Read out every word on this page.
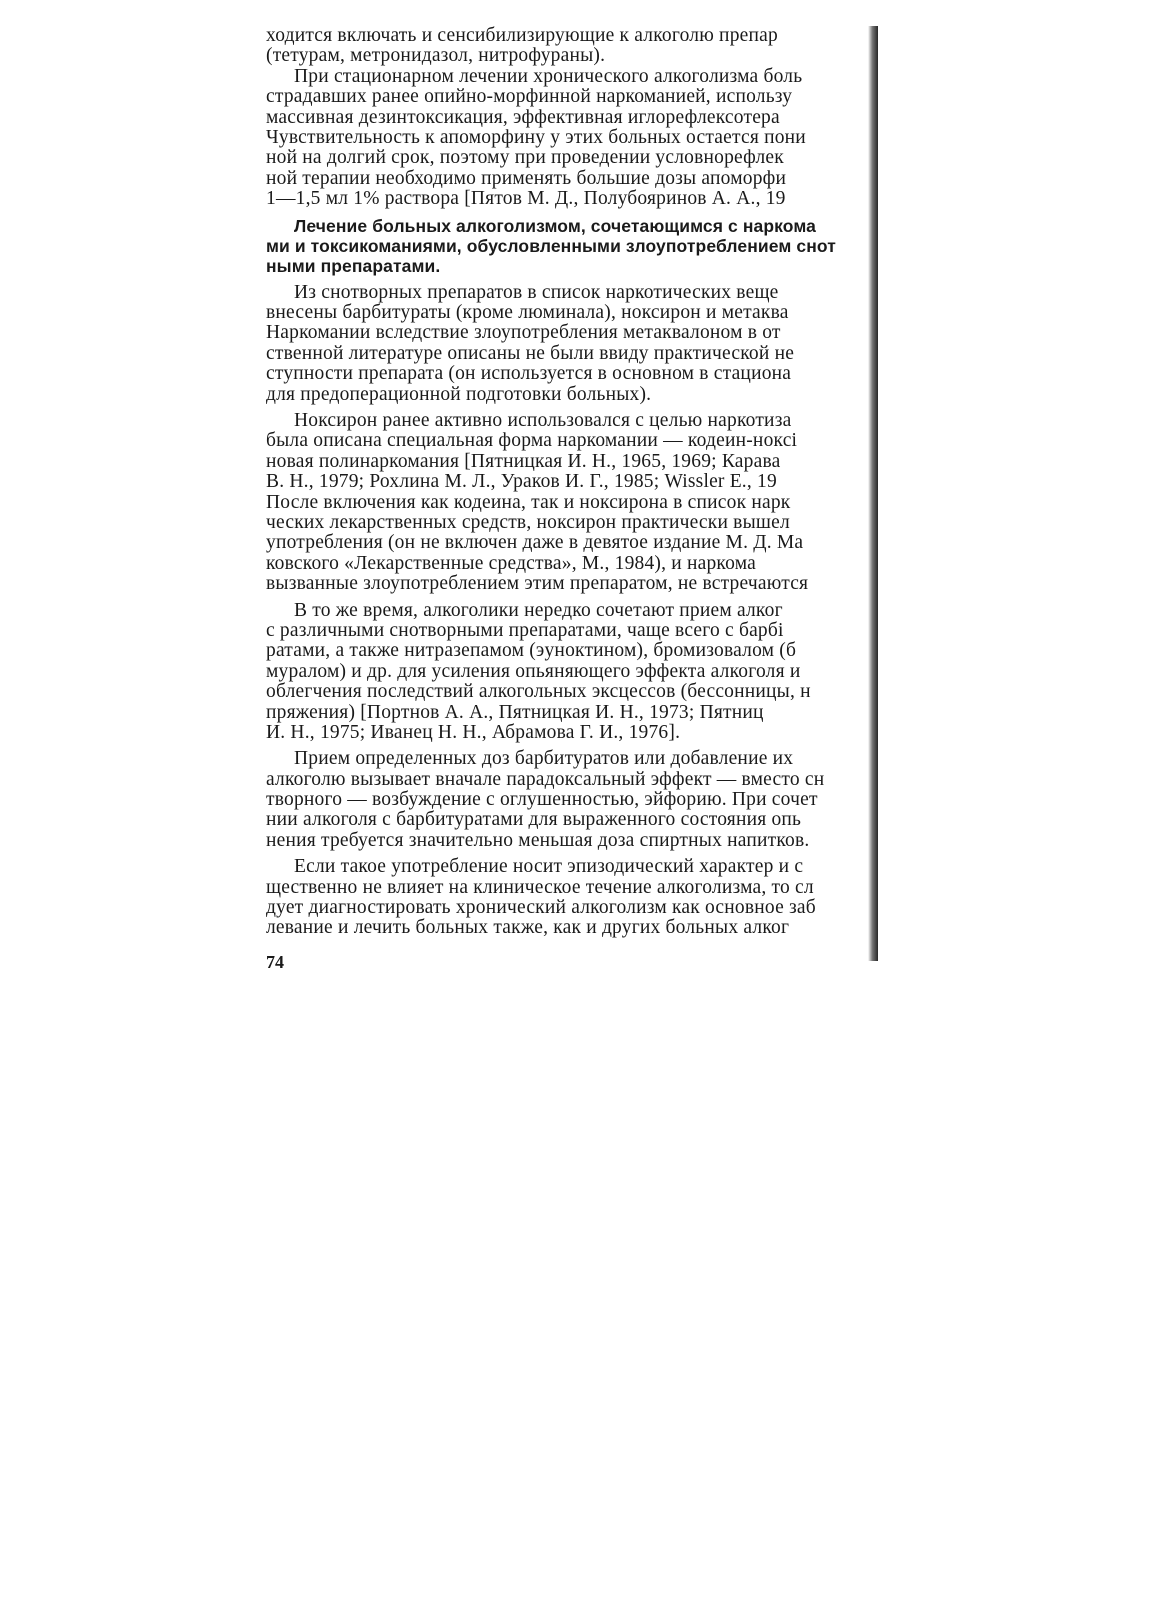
ходится включать и сенсибилизирующие к алкоголю препар
(тетурам, метронидазол, нитрофураны).
При стационарном лечении хронического алкоголизма боль
страдавших ранее опийно-морфинной наркоманией, использу
массивная дезинтоксикация, эффективная иглорефлексотера
Чувствительность к апоморфину у этих больных остается пони
ной на долгий срок, поэтому при проведении условнорефлек
ной терапии необходимо применять большие дозы апоморфи
1—1,5 мл 1% раствора [Пятов М. Д., Полубояринов А. А., 19
Лечение больных алкоголизмом, сочетающимся с наркома
ми и токсикоманиями, обусловленными злоупотреблением снот
ными препаратами.
Из снотворных препаратов в список наркотических веще
внесены барбитураты (кроме люминала), ноксирон и метаква
Наркомании вследствие злоупотребления метаквалоном в от
ственной литературе описаны не были ввиду практической не
ступности препарата (он используется в основном в стациона
для предоперационной подготовки больных).
Ноксирон ранее активно использовался с целью наркотиза
была описана специальная форма наркомании — кодеин-ноксі
новая полинаркомания [Пятницкая И. Н., 1965, 1969; Карава
В. Н., 1979; Рохлина М. Л., Ураков И. Г., 1985; Wissler E., 19
После включения как кодеина, так и ноксирона в список нарк
ческих лекарственных средств, ноксирон практически вышел
употребления (он не включен даже в девятое издание М. Д. Ма
ковского «Лекарственные средства», М., 1984), и наркома
вызванные злоупотреблением этим препаратом, не встречаются
В то же время, алкоголики нередко сочетают прием алког
с различными снотворными препаратами, чаще всего с барбі
ратами, а также нитразепамом (эуноктином), бромизовалом (б
муралом) и др. для усиления опьяняющего эффекта алкоголя и
облегчения последствий алкогольных эксцессов (бессонницы, н
пряжения) [Портнов А. А., Пятницкая И. Н., 1973; Пятниц
И. Н., 1975; Иванец Н. Н., Абрамова Г. И., 1976].
Прием определенных доз барбитуратов или добавление их
алкоголю вызывает вначале парадоксальный эффект — вместо сн
творного — возбуждение с оглушенностью, эйфорию. При сочет
нии алкоголя с барбитуратами для выраженного состояния опь
нения требуется значительно меньшая доза спиртных напитков.
Если такое употребление носит эпизодический характер и с
щественно не влияет на клиническое течение алкоголизма, то сл
дует диагностировать хронический алкоголизм как основное заб
левание и лечить больных также, как и других больных алког
74
